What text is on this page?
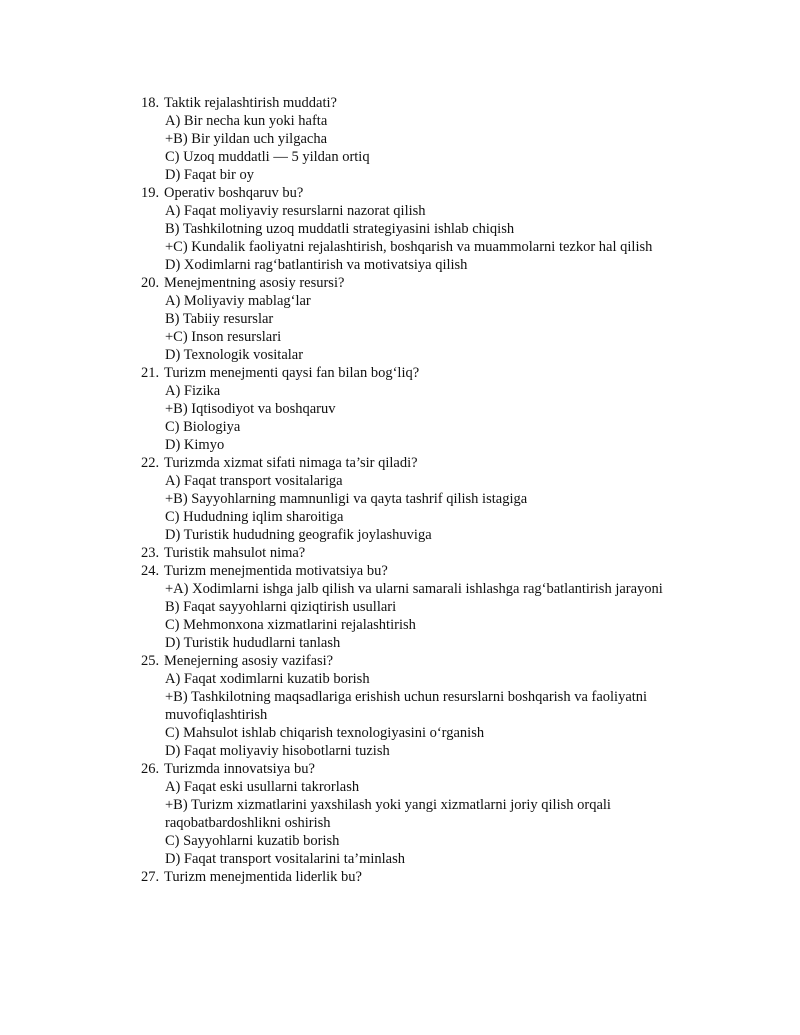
18. Taktik rejalashtirish muddati?
A) Bir necha kun yoki hafta
+B) Bir yildan uch yilgacha
C) Uzoq muddatli — 5 yildan ortiq
D) Faqat bir oy
19. Operativ boshqaruv bu?
A) Faqat moliyaviy resurslarni nazorat qilish
B) Tashkilotning uzoq muddatli strategiyasini ishlab chiqish
+C) Kundalik faoliyatni rejalashtirish, boshqarish va muammolarni tezkor hal qilish
D) Xodimlarni rag‘batlantirish va motivatsiya qilish
20. Menejmentning asosiy resursi?
A) Moliyaviy mablag‘lar
B) Tabiiy resurslar
+C) Inson resurslari
D) Texnologik vositalar
21. Turizm menejmenti qaysi fan bilan bog‘liq?
A) Fizika
+B) Iqtisodiyot va boshqaruv
C) Biologiya
D) Kimyo
22. Turizmda xizmat sifati nimaga ta’sir qiladi?
A) Faqat transport vositalariga
+B) Sayyohlarning mamnunligi va qayta tashrif qilish istagiga
C) Hududning iqlim sharoitiga
D) Turistik hududning geografik joylashuviga
23. Turistik mahsulot nima?
24. Turizm menejmentida motivatsiya bu?
+A) Xodimlarni ishga jalb qilish va ularni samarali ishlashga rag‘batlantirish jarayoni
B) Faqat sayyohlarni qiziqtirish usullari
C) Mehmonxona xizmatlarini rejalashtirish
D) Turistik hududlarni tanlash
25. Menejerning asosiy vazifasi?
A) Faqat xodimlarni kuzatib borish
+B) Tashkilotning maqsadlariga erishish uchun resurslarni boshqarish va faoliyatni muvofiqlashtirish
C) Mahsulot ishlab chiqarish texnologiyasini o‘rganish
D) Faqat moliyaviy hisobotlarni tuzish
26. Turizmda innovatsiya bu?
A) Faqat eski usullarni takrorlash
+B) Turizm xizmatlarini yaxshilash yoki yangi xizmatlarni joriy qilish orqali raqobatbardoshlikni oshirish
C) Sayyohlarni kuzatib borish
D) Faqat transport vositalarini ta’minlash
27. Turizm menejmentida liderlik bu?
